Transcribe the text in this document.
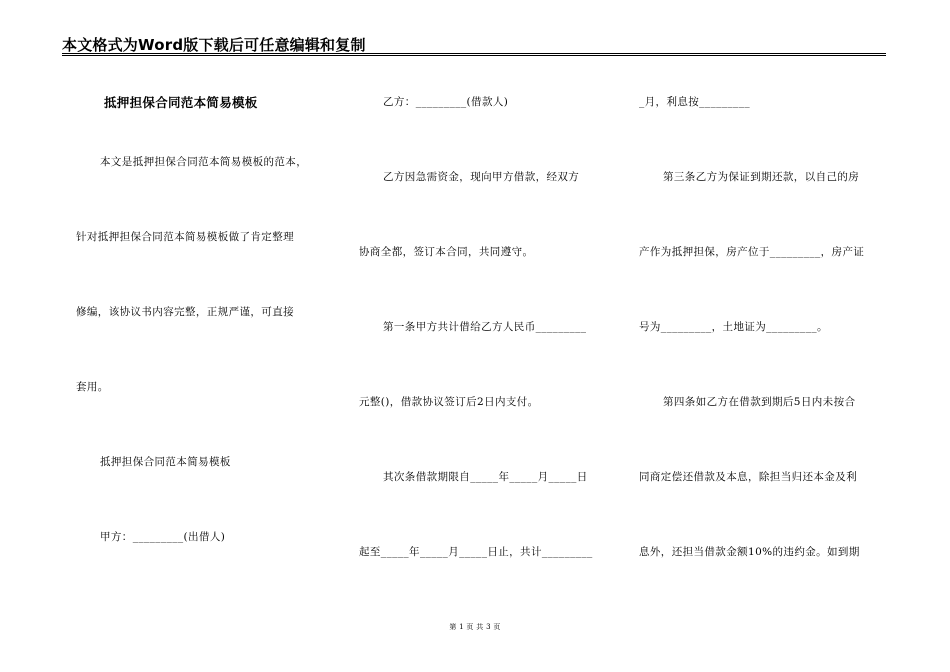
本文格式为Word版下载后可任意编辑和复制
抵押担保合同范本简易模板
本文是抵押担保合同范本简易模板的范本，
针对抵押担保合同范本简易模板做了肯定整理
修编，该协议书内容完整，正规严谨，可直接
套用。
抵押担保合同范本简易模板
甲方：_________(出借人)
乙方：_________(借款人)
乙方因急需资金，现向甲方借款，经双方
协商全都，签订本合同，共同遵守。
第一条甲方共计借给乙方人民币_________
元整()，借款协议签订后2日内支付。
其次条借款期限自_____年_____月_____日
起至_____年_____月_____日止，共计_________
_月，利息按_________
第三条乙方为保证到期还款，以自己的房
产作为抵押担保，房产位于_________，房产证
号为_________，土地证为_________。
第四条如乙方在借款到期后5日内未按合
同商定偿还借款及本息，除担当归还本金及利
息外，还担当借款金额10%的违约金。如到期
第 1 页 共 3 页
